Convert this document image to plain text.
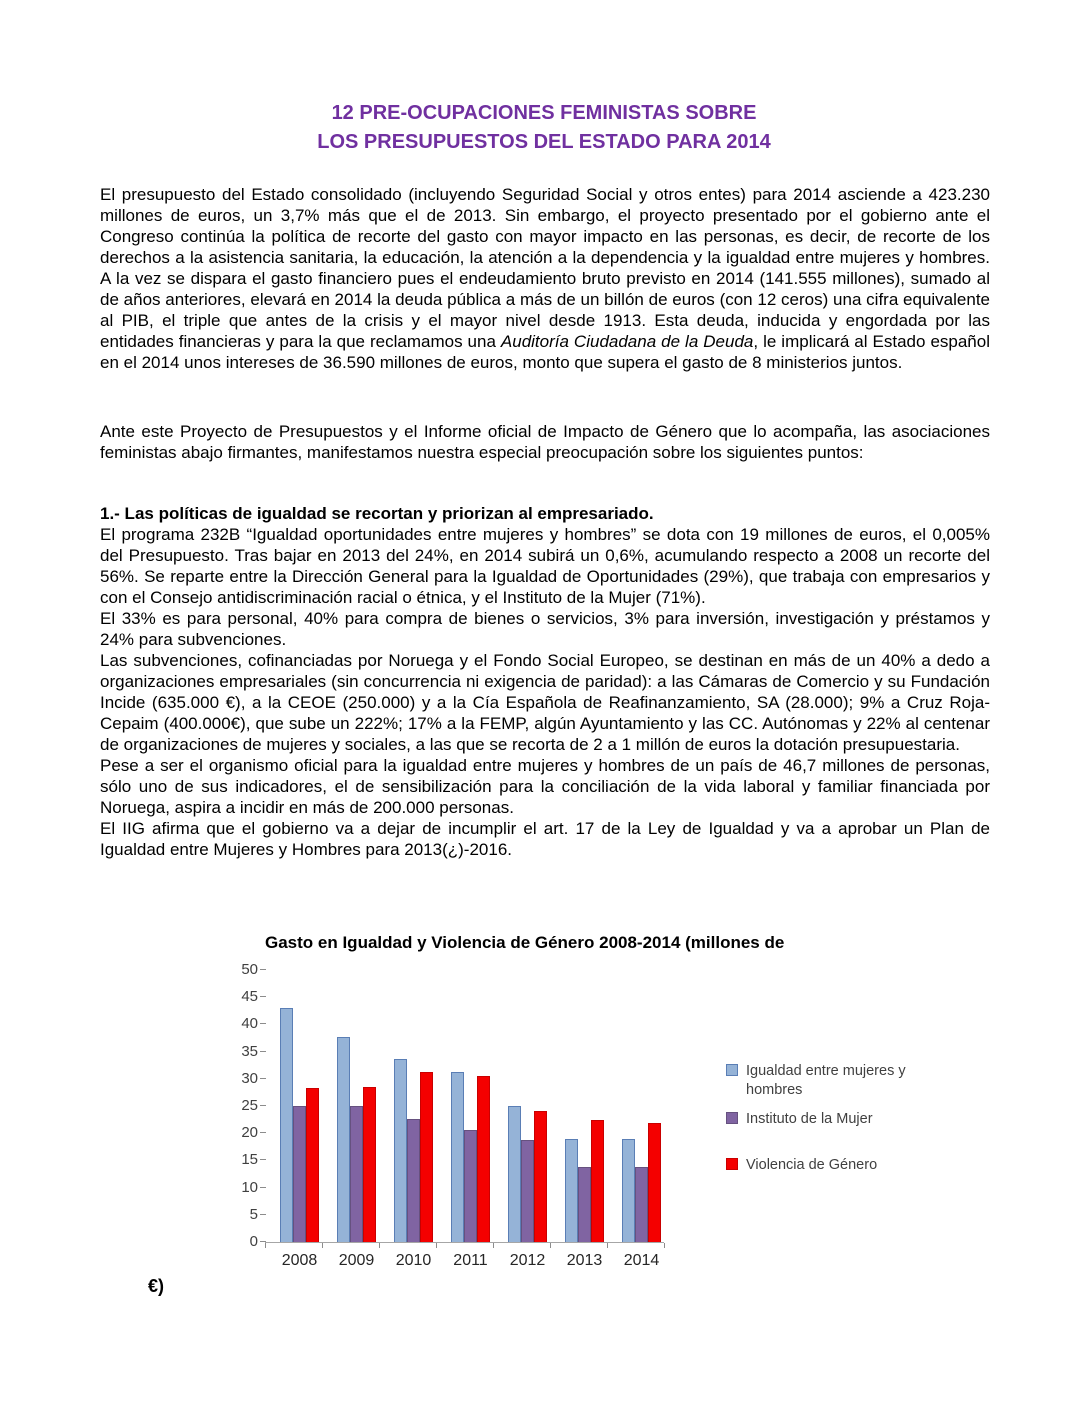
12 PRE-OCUPACIONES FEMINISTAS SOBRE
LOS PRESUPUESTOS DEL ESTADO PARA 2014

El presupuesto del Estado consolidado (incluyendo Seguridad Social y otros entes) para 2014 asciende a 423.230 millones de euros, un 3,7% más que el de 2013. Sin embargo, el proyecto presentado por el gobierno ante el Congreso continúa la política de recorte del gasto con mayor impacto en las personas, es decir, de recorte de los derechos a la asistencia sanitaria, la educación, la atención a la dependencia y la igualdad entre mujeres y hombres. A la vez se dispara el gasto financiero pues el endeudamiento bruto previsto en 2014 (141.555 millones), sumado al de años anteriores, elevará en 2014 la deuda pública a más de un billón de euros (con 12 ceros) una cifra equivalente al PIB, el triple que antes de la crisis y el mayor nivel desde 1913. Esta deuda, inducida y engordada por las entidades financieras y para la que reclamamos una Auditoría Ciudadana de la Deuda, le implicará al Estado español en el 2014 unos intereses de 36.590 millones de euros, monto que supera el gasto de 8 ministerios juntos.

Ante este Proyecto de Presupuestos y el Informe oficial de Impacto de Género que lo acompaña, las asociaciones feministas abajo firmantes, manifestamos nuestra especial preocupación sobre los siguientes puntos:

1.- Las políticas de igualdad se recortan y priorizan al empresariado.

El programa 232B “Igualdad oportunidades entre mujeres y hombres” se dota con 19 millones de euros, el 0,005% del Presupuesto. Tras bajar en 2013 del 24%, en 2014 subirá un 0,6%, acumulando respecto a 2008 un recorte del 56%. Se reparte entre la Dirección General para la Igualdad de Oportunidades (29%), que trabaja con empresarios y con el Consejo antidiscriminación racial o étnica, y el Instituto de la Mujer (71%).

El 33% es para personal, 40% para compra de bienes o servicios, 3% para inversión, investigación y préstamos y 24% para subvenciones.

Las subvenciones, cofinanciadas por Noruega y el Fondo Social Europeo, se destinan en más de un 40% a dedo a organizaciones empresariales (sin concurrencia ni exigencia de paridad): a las Cámaras de Comercio y su Fundación Incide (635.000 €), a la CEOE (250.000) y a la Cía Española de Reafinanzamiento, SA (28.000); 9% a Cruz Roja-Cepaim (400.000€), que sube un 222%; 17% a la FEMP, algún Ayuntamiento y las CC. Autónomas y 22% al centenar de organizaciones de mujeres y sociales, a las que se recorta de 2 a 1 millón de euros la dotación presupuestaria.

Pese a ser el organismo oficial para la igualdad entre mujeres y hombres de un país de 46,7 millones de personas, sólo uno de sus indicadores, el de sensibilización para la conciliación de la vida laboral y familiar financiada por Noruega, aspira a incidir en más de 200.000 personas.

El IIG afirma que el gobierno va a dejar de incumplir el art. 17 de la Ley de Igualdad y va a aprobar un Plan de Igualdad entre Mujeres y Hombres para 2013(¿)-2016.

Gasto en Igualdad y Violencia de Género 2008-2014 (millones de
0
5
10
15
20
25
30
35
40
45
50
2008	2009	2010	2011	2012	2013	2014
Igualdad entre mujeres y hombres
Instituto de la Mujer
Violencia de Género
€)
